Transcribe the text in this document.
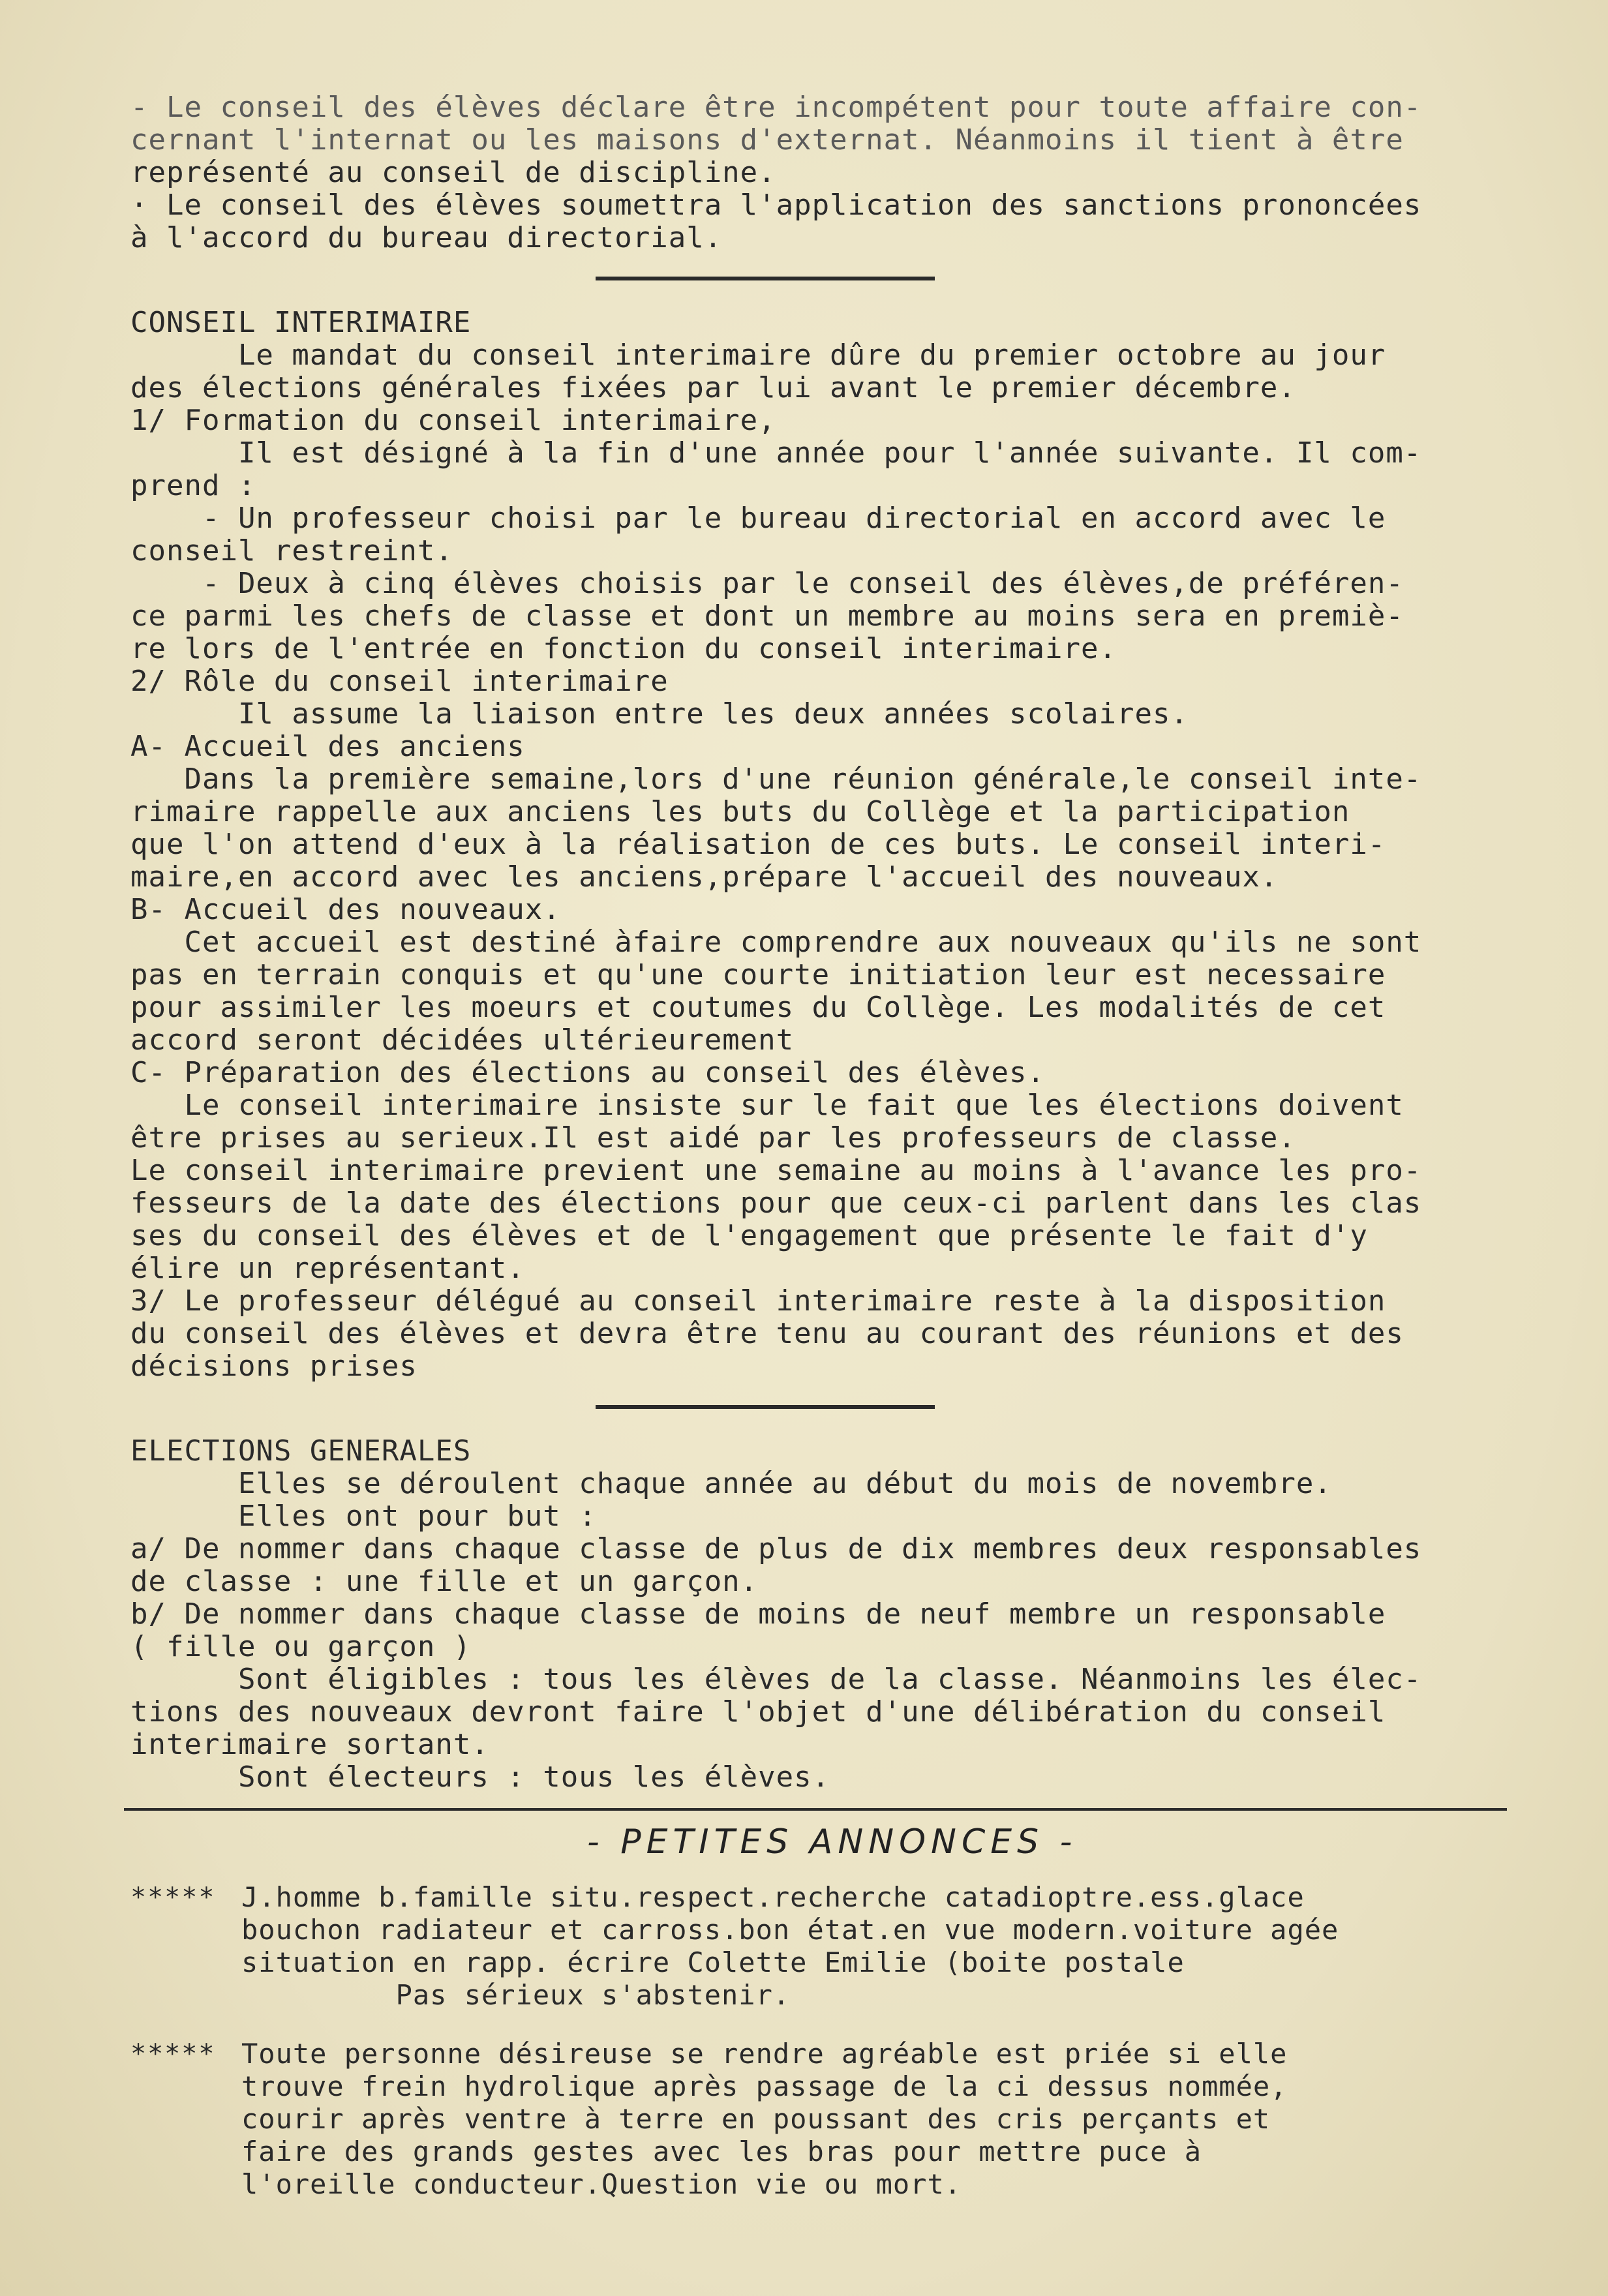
- Le conseil des élèves déclare être incompétent pour toute affaire con-
cernant l'internat ou les maisons d'externat. Néanmoins il tient à être
représenté au conseil de discipline.
· Le conseil des élèves soumettra l'application des sanctions prononcées
à l'accord du bureau directorial.
CONSEIL INTERIMAIRE
Le mandat du conseil interimaire dûre du premier octobre au jour
des élections générales fixées par lui avant le premier décembre.
1/ Formation du conseil interimaire,
Il est désigné à la fin d'une année pour l'année suivante. Il com-
prend :
- Un professeur choisi par le bureau directorial en accord avec le
conseil restreint.
- Deux à cinq élèves choisis par le conseil des élèves,de préféren-
ce parmi les chefs de classe et dont un membre au moins sera en premiè-
re lors de l'entrée en fonction du conseil interimaire.
2/ Rôle du conseil interimaire
Il assume la liaison entre les deux années scolaires.
A- Accueil des anciens
Dans la première semaine,lors d'une réunion générale,le conseil inte-
rimaire rappelle aux anciens les buts du Collège et la participation
que l'on attend d'eux à la réalisation de ces buts. Le conseil interi-
maire,en accord avec les anciens,prépare l'accueil des nouveaux.
B- Accueil des nouveaux.
Cet accueil est destiné àfaire comprendre aux nouveaux qu'ils ne sont
pas en terrain conquis et qu'une courte initiation leur est necessaire
pour assimiler les moeurs et coutumes du Collège. Les modalités de cet
accord seront décidées ultérieurement
C- Préparation des élections au conseil des élèves.
Le conseil interimaire insiste sur le fait que les élections doivent
être prises au serieux.Il est aidé par les professeurs de classe.
Le conseil interimaire previent une semaine au moins à l'avance les pro-
fesseurs de la date des élections pour que ceux-ci parlent dans les clas
ses du conseil des élèves et de l'engagement que présente le fait d'y
élire un représentant.
3/ Le professeur délégué au conseil interimaire reste à la disposition
du conseil des élèves et devra être tenu au courant des réunions et des
décisions prises
ELECTIONS GENERALES
Elles se déroulent chaque année au début du mois de novembre.
Elles ont pour but :
a/ De nommer dans chaque classe de plus de dix membres deux responsables
de classe : une fille et un garçon.
b/ De nommer dans chaque classe de moins de neuf membre un responsable
( fille ou garçon )
Sont éligibles : tous les élèves de la classe. Néanmoins les élec-
tions des nouveaux devront faire l'objet d'une délibération du conseil
interimaire sortant.
Sont électeurs : tous les élèves.
- PETITES ANNONCES -
***** J.homme b.famille situ.respect.recherche catadioptre.ess.glace
bouchon radiateur et carross.bon état.en vue modern.voiture agée
situation en rapp. écrire Colette Emilie (boite postale
Pas sérieux s'abstenir.
***** Toute personne désireuse se rendre agréable est priée si elle
trouve frein hydrolique après passage de la ci dessus nommée,
courir après ventre à terre en poussant des cris perçants et
faire des grands gestes avec les bras pour mettre puce à
l'oreille conducteur.Question vie ou mort.
